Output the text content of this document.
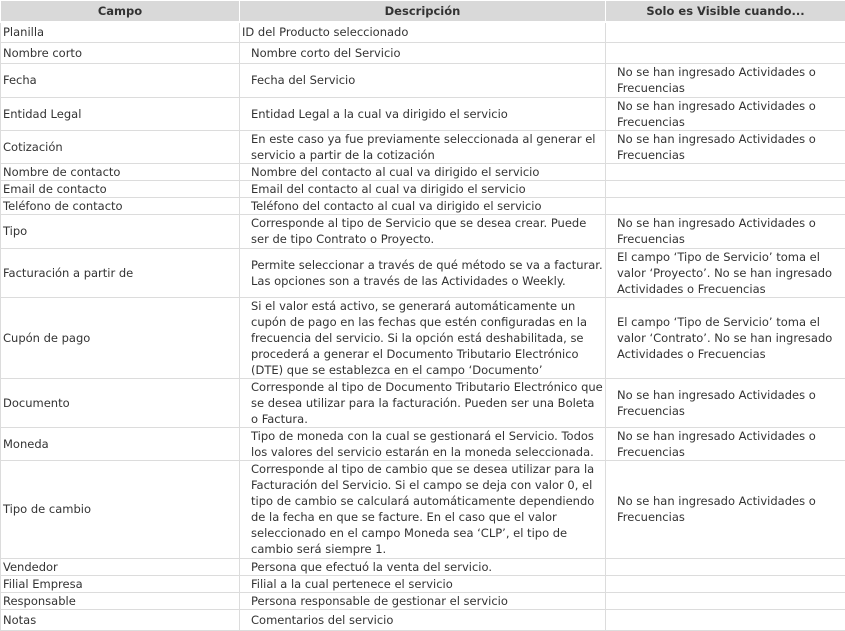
Campo	Descripción	Solo es Visible cuando...
Planilla	ID del Producto seleccionado	
Nombre corto	Nombre corto del Servicio	
Fecha	Fecha del Servicio	No se han ingresado Actividades o Frecuencias
Entidad Legal	Entidad Legal a la cual va dirigido el servicio	No se han ingresado Actividades o Frecuencias
Cotización	En este caso ya fue previamente seleccionada al generar el servicio a partir de la cotización	No se han ingresado Actividades o Frecuencias
Nombre de contacto	Nombre del contacto al cual va dirigido el servicio	
Email de contacto	Email del contacto al cual va dirigido el servicio	
Teléfono de contacto	Teléfono del contacto al cual va dirigido el servicio	
Tipo	Corresponde al tipo de Servicio que se desea crear. Puede ser de tipo Contrato o Proyecto.	No se han ingresado Actividades o Frecuencias
Facturación a partir de	Permite seleccionar a través de qué método se va a facturar. Las opciones son a través de las Actividades o Weekly.	El campo ‘Tipo de Servicio’ toma el valor ‘Proyecto’. No se han ingresado Actividades o Frecuencias
Cupón de pago	Si el valor está activo, se generará automáticamente un cupón de pago en las fechas que estén configuradas en la frecuencia del servicio. Si la opción está deshabilitada, se procederá a generar el Documento Tributario Electrónico (DTE) que se establezca en el campo ‘Documento’	El campo ‘Tipo de Servicio’ toma el valor ‘Contrato’. No se han ingresado Actividades o Frecuencias
Documento	Corresponde al tipo de Documento Tributario Electrónico que se desea utilizar para la facturación. Pueden ser una Boleta o Factura.	No se han ingresado Actividades o Frecuencias
Moneda	Tipo de moneda con la cual se gestionará el Servicio. Todos los valores del servicio estarán en la moneda seleccionada.	No se han ingresado Actividades o Frecuencias
Tipo de cambio	Corresponde al tipo de cambio que se desea utilizar para la Facturación del Servicio. Si el campo se deja con valor 0, el tipo de cambio se calculará automáticamente dependiendo de la fecha en que se facture. En el caso que el valor seleccionado en el campo Moneda sea ‘CLP’, el tipo de cambio será siempre 1.	No se han ingresado Actividades o Frecuencias
Vendedor	Persona que efectuó la venta del servicio.	
Filial Empresa	Filial a la cual pertenece el servicio	
Responsable	Persona responsable de gestionar el servicio	
Notas	Comentarios del servicio	
